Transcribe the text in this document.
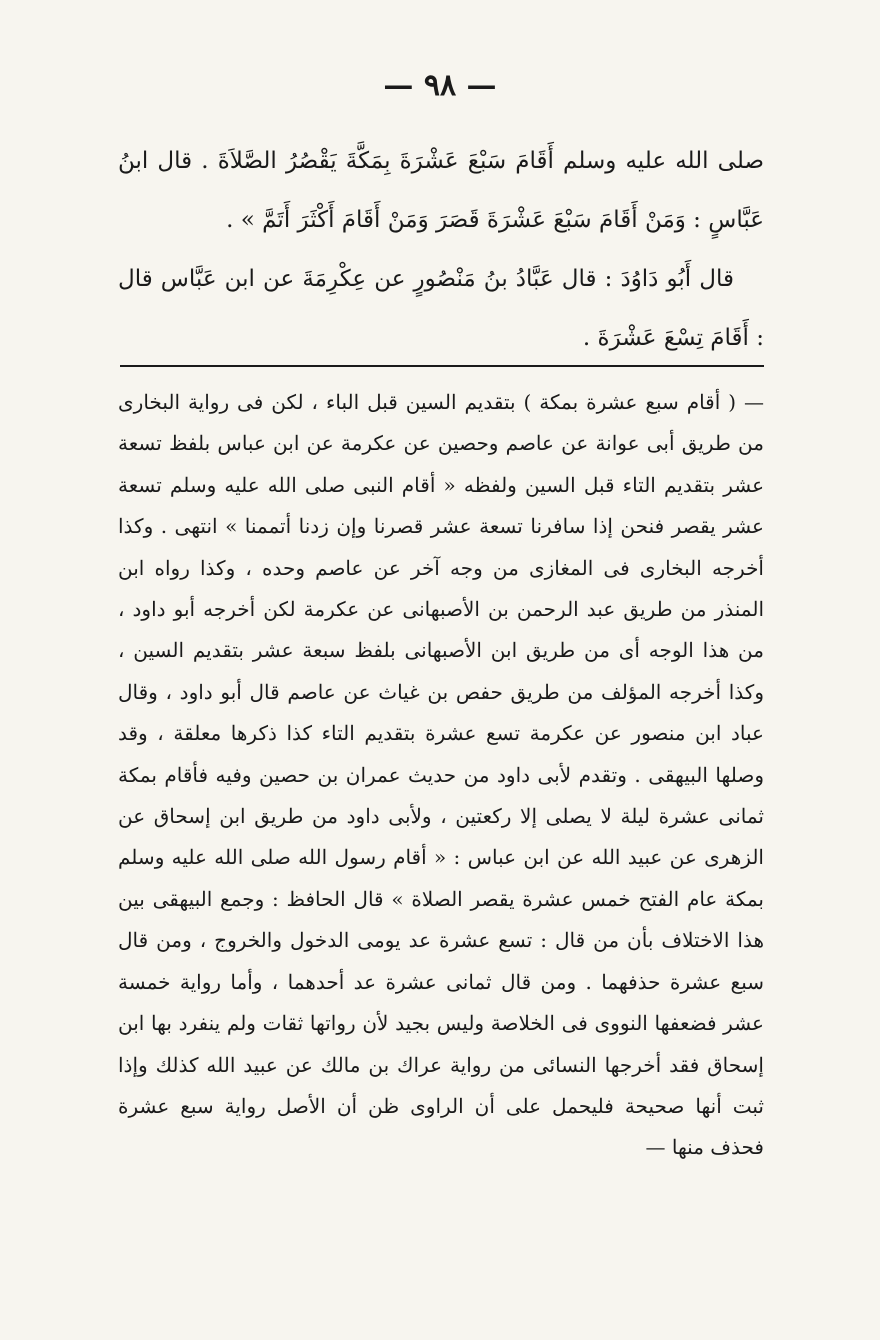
— ٩٨ —

صلى الله عليه وسلم أَقَامَ سَبْعَ عَشْرَةَ بِمَكَّةَ يَقْصُرُ الصَّلاَةَ . قال ابنُ عَبَّاسٍ : وَمَنْ أَقَامَ سَبْعَ عَشْرَةَ قَصَرَ وَمَنْ أَقَامَ أَكْثَرَ أَتَمَّ » .

قال أَبُو دَاوُدَ : قال عَبَّادُ بنُ مَنْصُورٍ عن عِكْرِمَةَ عن ابن عَبَّاس قال : أَقَامَ تِسْعَ عَشْرَةَ .

— ( أقام سبع عشرة بمكة ) بتقديم السين قبل الباء ، لكن فى رواية البخارى من طريق أبى عوانة عن عاصم وحصين عن عكرمة عن ابن عباس بلفظ تسعة عشر بتقديم التاء قبل السين ولفظه « أقام النبى صلى الله عليه وسلم تسعة عشر يقصر فنحن إذا سافرنا تسعة عشر قصرنا وإن زدنا أتممنا » انتهى . وكذا أخرجه البخارى فى المغازى من وجه آخر عن عاصم وحده ، وكذا رواه ابن المنذر من طريق عبد الرحمن بن الأصبهانى عن عكرمة لكن أخرجه أبو داود ، من هذا الوجه أى من طريق ابن الأصبهانى بلفظ سبعة عشر بتقديم السين ، وكذا أخرجه المؤلف من طريق حفص بن غياث عن عاصم قال أبو داود ، وقال عباد ابن منصور عن عكرمة تسع عشرة بتقديم التاء كذا ذكرها معلقة ، وقد وصلها البيهقى . وتقدم لأبى داود من حديث عمران بن حصين وفيه فأقام بمكة ثمانى عشرة ليلة لا يصلى إلا ركعتين ، ولأبى داود من طريق ابن إسحاق عن الزهرى عن عبيد الله عن ابن عباس : « أقام رسول الله صلى الله عليه وسلم بمكة عام الفتح خمس عشرة يقصر الصلاة » قال الحافظ : وجمع البيهقى بين هذا الاختلاف بأن من قال : تسع عشرة عد يومى الدخول والخروج ، ومن قال سبع عشرة حذفهما . ومن قال ثمانى عشرة عد أحدهما ، وأما رواية خمسة عشر فضعفها النووى فى الخلاصة وليس بجيد لأن رواتها ثقات ولم ينفرد بها ابن إسحاق فقد أخرجها النسائى من رواية عراك بن مالك عن عبيد الله كذلك وإذا ثبت أنها صحيحة فليحمل على أن الراوى ظن أن الأصل رواية سبع عشرة فحذف منها —
